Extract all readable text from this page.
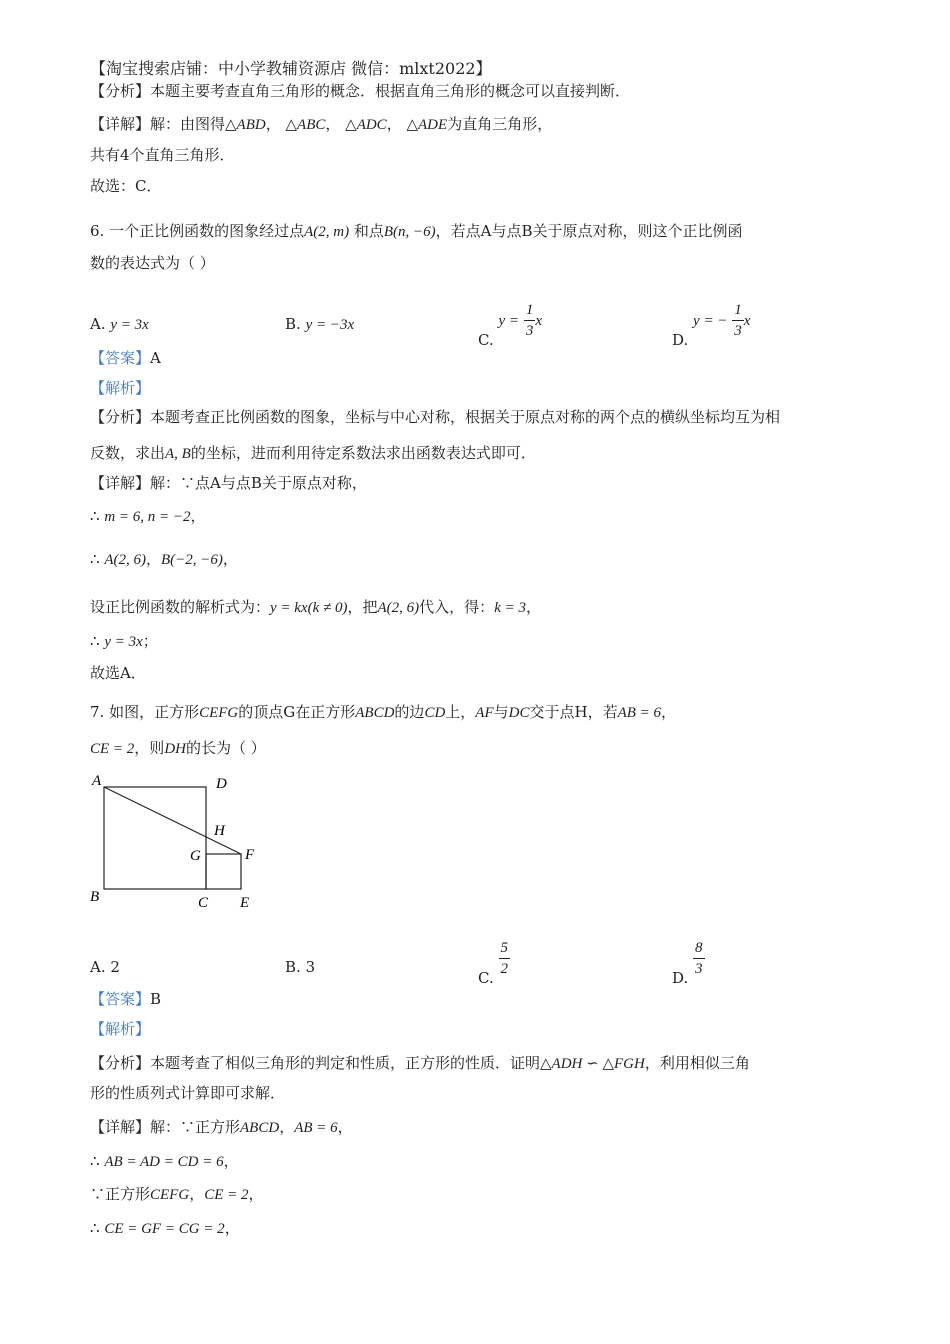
【淘宝搜索店铺：中小学教辅资源店 微信：mlxt2022】
【分析】本题主要考查直角三角形的概念．根据直角三角形的概念可以直接判断．
【详解】解：由图得△ABD， △ABC， △ADC， △ADE为直角三角形，
共有4个直角三角形．
故选：C．
6. 一个正比例函数的图象经过点A(2, m) 和点B(n, −6)，若点A与点B关于原点对称，则这个正比例函
数的表达式为（ ）
A. y = 3x	B. y = −3x
C. $y = \frac{1}{3}$ x
D. y = − $\frac{1}{3}$ x
【答案】A
【解析】
【分析】本题考查正比例函数的图象，坐标与中心对称，根据关于原点对称的两个点的横纵坐标均互为相
反数，求出A, B的坐标，进而利用待定系数法求出函数表达式即可．
【详解】解：∵点A与点B关于原点对称，
∴ m = 6, n = −2，
∴ A(2, 6)，B(−2, −6)，
设正比例函数的解析式为：y = kx(k ≠ 0)，把A(2, 6)代入，得：k = 3，
∴ y = 3x；
故选A．
7. 如图，正方形CEFG的顶点G在正方形ABCD的边CD上，AF与DC交于点H，若AB = 6，
CE = 2，则DH的长为（ ）
A	D
H
G	F
B	C E
A. 2	B. 3
C. $\frac{5}{2}$	D. $\frac{8}{3}$
【答案】B
【解析】
【分析】本题考查了相似三角形的判定和性质，正方形的性质．证明△ADH ∽ △FGH，利用相似三角
形的性质列式计算即可求解．
【详解】解：∵正方形ABCD，AB = 6，
∴ AB = AD = CD = 6，
∵正方形CEFG，CE = 2，
∴ CE = GF = CG = 2，
